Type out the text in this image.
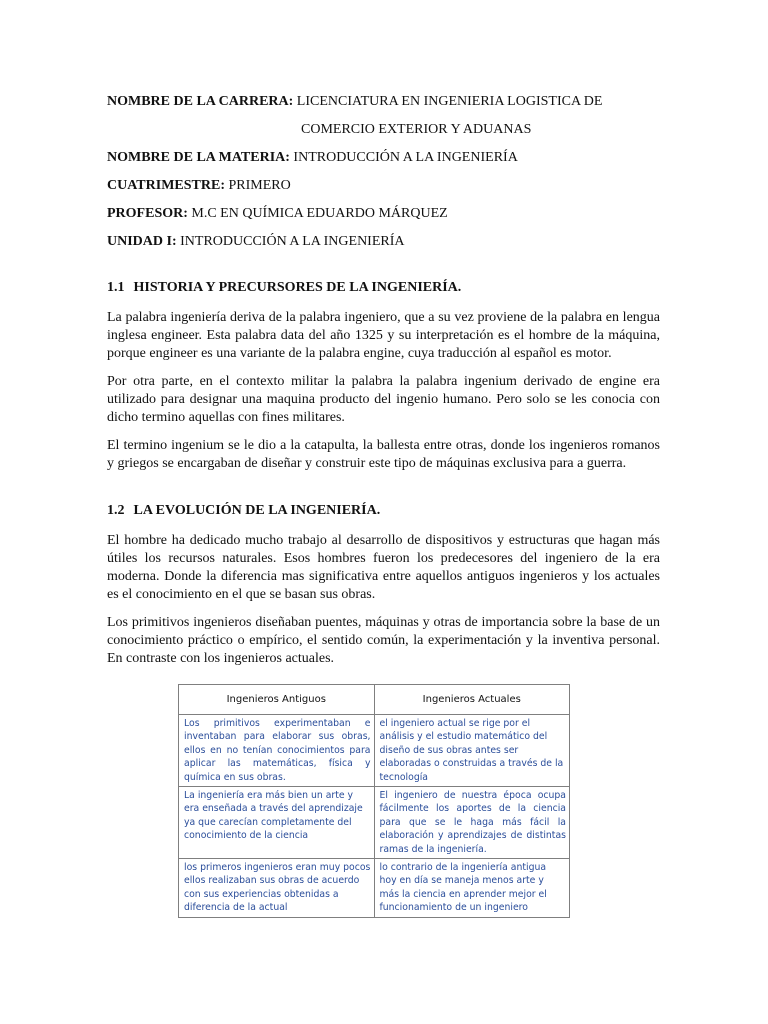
NOMBRE DE LA CARRERA: LICENCIATURA EN INGENIERIA LOGISTICA DE

COMERCIO EXTERIOR Y ADUANAS

NOMBRE DE LA MATERIA: INTRODUCCIÓN A LA INGENIERÍA

CUATRIMESTRE: PRIMERO

PROFESOR: M.C EN QUÍMICA EDUARDO MÁRQUEZ

UNIDAD I: INTRODUCCIÓN A LA INGENIERÍA

1.1 HISTORIA Y PRECURSORES DE LA INGENIERÍA.

La palabra ingeniería deriva de la palabra ingeniero, que a su vez proviene de la palabra en lengua inglesa engineer. Esta palabra data del año 1325 y su interpretación es el hombre de la máquina, porque engineer es una variante de la palabra engine, cuya traducción al español es motor.

Por otra parte, en el contexto militar la palabra la palabra ingenium derivado de engine era utilizado para designar una maquina producto del ingenio humano. Pero solo se les conocia con dicho termino aquellas con fines militares.

El termino ingenium se le dio a la catapulta, la ballesta entre otras, donde los ingenieros romanos y griegos se encargaban de diseñar y construir este tipo de máquinas exclusiva para a guerra.

1.2 LA EVOLUCIÓN DE LA INGENIERÍA.

El hombre ha dedicado mucho trabajo al desarrollo de dispositivos y estructuras que hagan más útiles los recursos naturales. Esos hombres fueron los predecesores del ingeniero de la era moderna. Donde la diferencia mas significativa entre aquellos antiguos ingenieros y los actuales es el conocimiento en el que se basan sus obras.

Los primitivos ingenieros diseñaban puentes, máquinas y otras de importancia sobre la base de un conocimiento práctico o empírico, el sentido común, la experimentación y la inventiva personal. En contraste con los ingenieros actuales.

Ingenieros Antiguos	Ingenieros Actuales
Los primitivos experimentaban e inventaban para elaborar sus obras, ellos en no tenían conocimientos para aplicar las matemáticas, física y química en sus obras.	el ingeniero actual se rige por el análisis y el estudio matemático del diseño de sus obras antes ser elaboradas o construidas a través de la tecnología
La ingeniería era más bien un arte y era enseñada a través del aprendizaje ya que carecían completamente del conocimiento de la ciencia	El ingeniero de nuestra época ocupa fácilmente los aportes de la ciencia para que se le haga más fácil la elaboración y aprendizajes de distintas ramas de la ingeniería.
los primeros ingenieros eran muy pocos ellos realizaban sus obras de acuerdo con sus experiencias obtenidas a diferencia de la actual	lo contrario de la ingeniería antigua hoy en día se maneja menos arte y más la ciencia en aprender mejor el funcionamiento de un ingeniero
